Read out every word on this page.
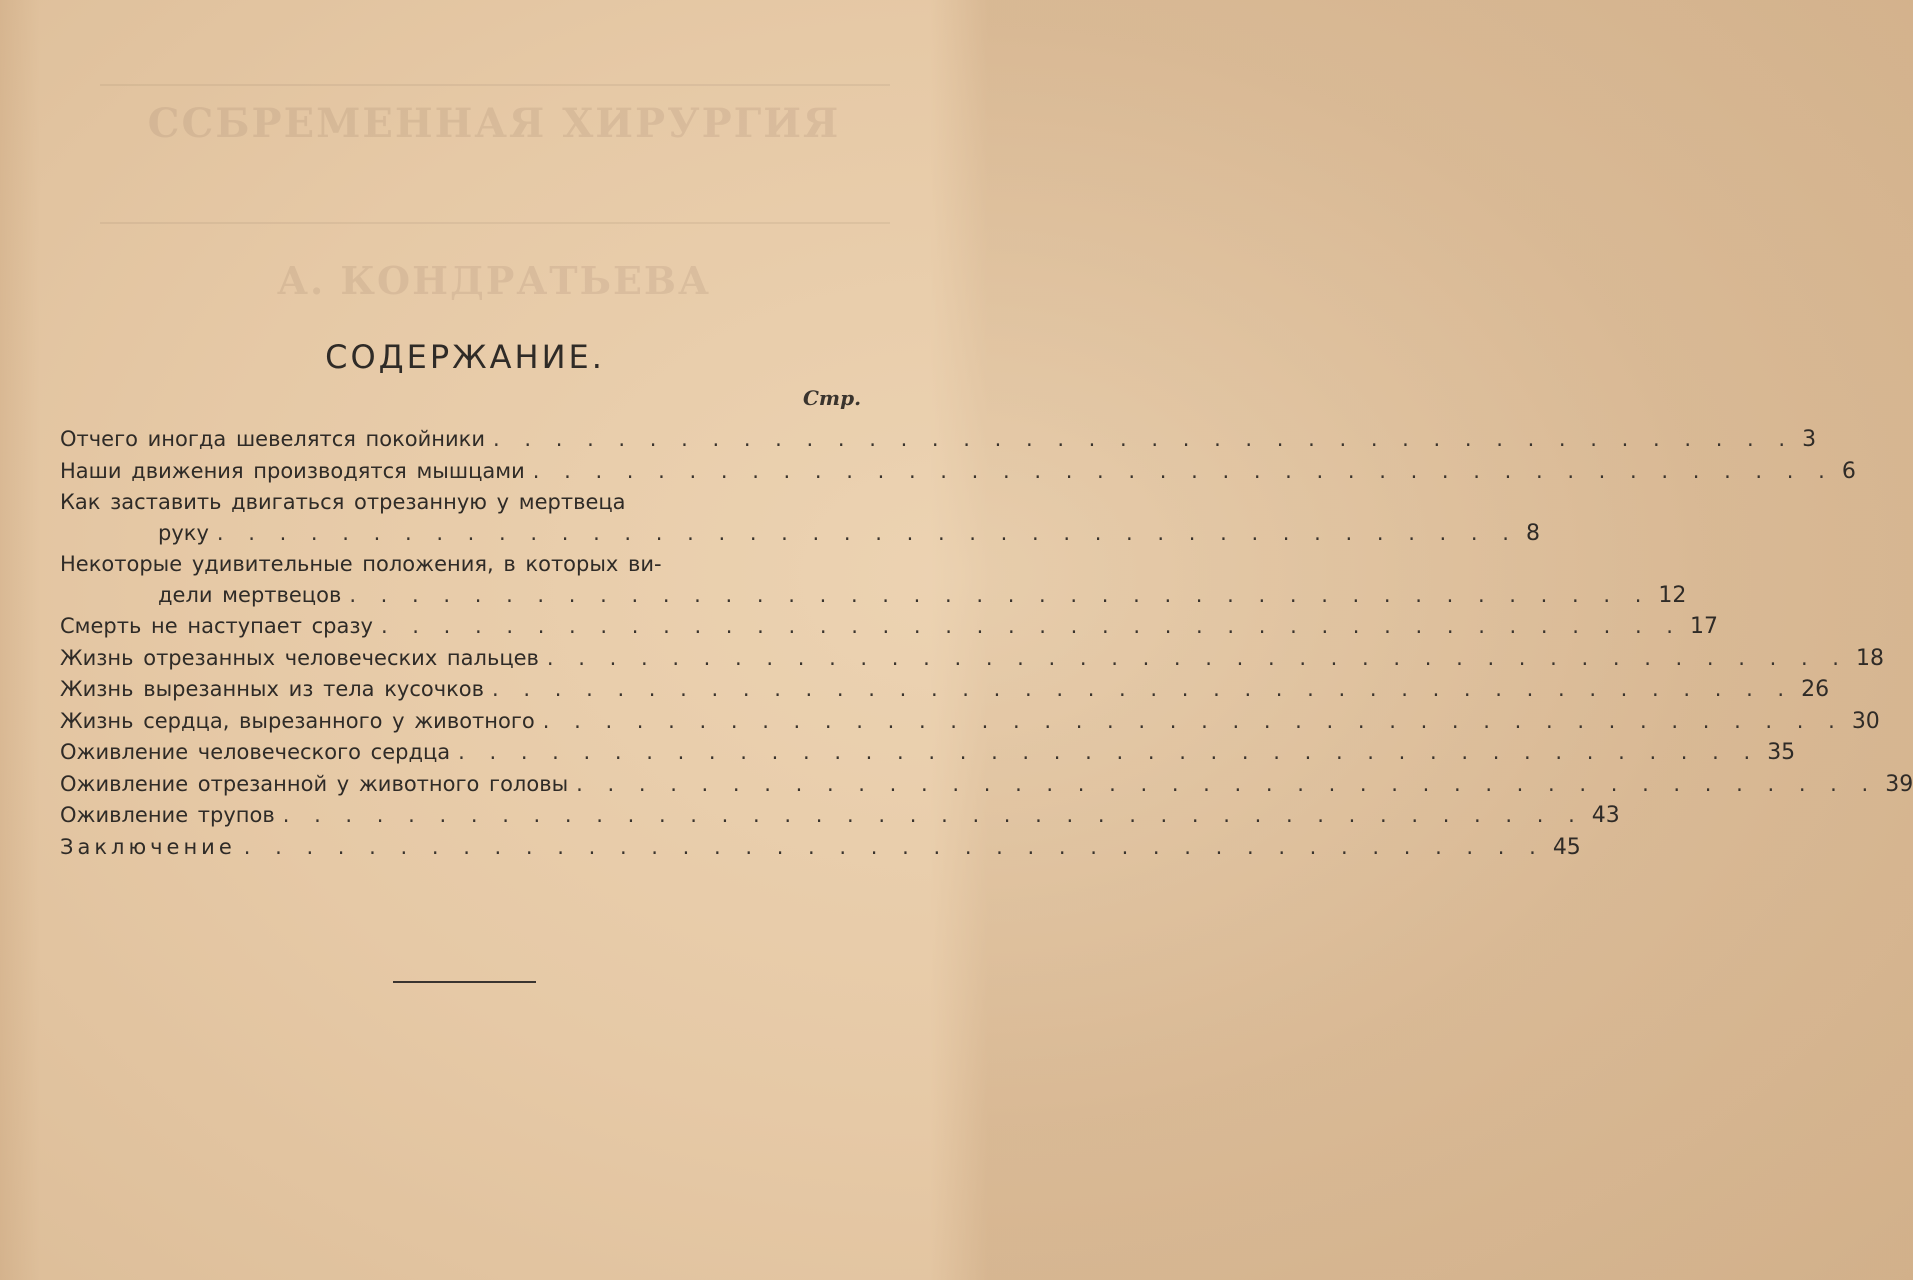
ССБРЕМЕННАЯ ХИРУРГИЯ
А. КОНДРАТЬЕВА
СОДЕРЖАНИЕ.
Стр.
Отчего иногда шевелятся покойники . . . . . . . . . . . . . . . . . . . . . . . . . . . . . . . . . . . . . . . . . . 3
Наши движения производятся мышцами . . . . . . . . . . . . . . . . . . . . . . . . . . . . . . . . . . . . . . . . . . 6
Как заставить двигаться отрезанную у мертвеца
руку . . . . . . . . . . . . . . . . . . . . . . . . . . . . . . . . . . . . . . . . . . 8
Некоторые удивительные положения, в которых ви-
дели мертвецов . . . . . . . . . . . . . . . . . . . . . . . . . . . . . . . . . . . . . . . . . . 12
Смерть не наступает сразу . . . . . . . . . . . . . . . . . . . . . . . . . . . . . . . . . . . . . . . . . . 17
Жизнь отрезанных человеческих пальцев . . . . . . . . . . . . . . . . . . . . . . . . . . . . . . . . . . . . . . . . . . 18
Жизнь вырезанных из тела кусочков . . . . . . . . . . . . . . . . . . . . . . . . . . . . . . . . . . . . . . . . . . 26
Жизнь сердца, вырезанного у животного . . . . . . . . . . . . . . . . . . . . . . . . . . . . . . . . . . . . . . . . . . 30
Оживление человеческого сердца . . . . . . . . . . . . . . . . . . . . . . . . . . . . . . . . . . . . . . . . . . 35
Оживление отрезанной у животного головы . . . . . . . . . . . . . . . . . . . . . . . . . . . . . . . . . . . . . . . . . . 39
Оживление трупов . . . . . . . . . . . . . . . . . . . . . . . . . . . . . . . . . . . . . . . . . . 43
Заключение . . . . . . . . . . . . . . . . . . . . . . . . . . . . . . . . . . . . . . . . . . 45
